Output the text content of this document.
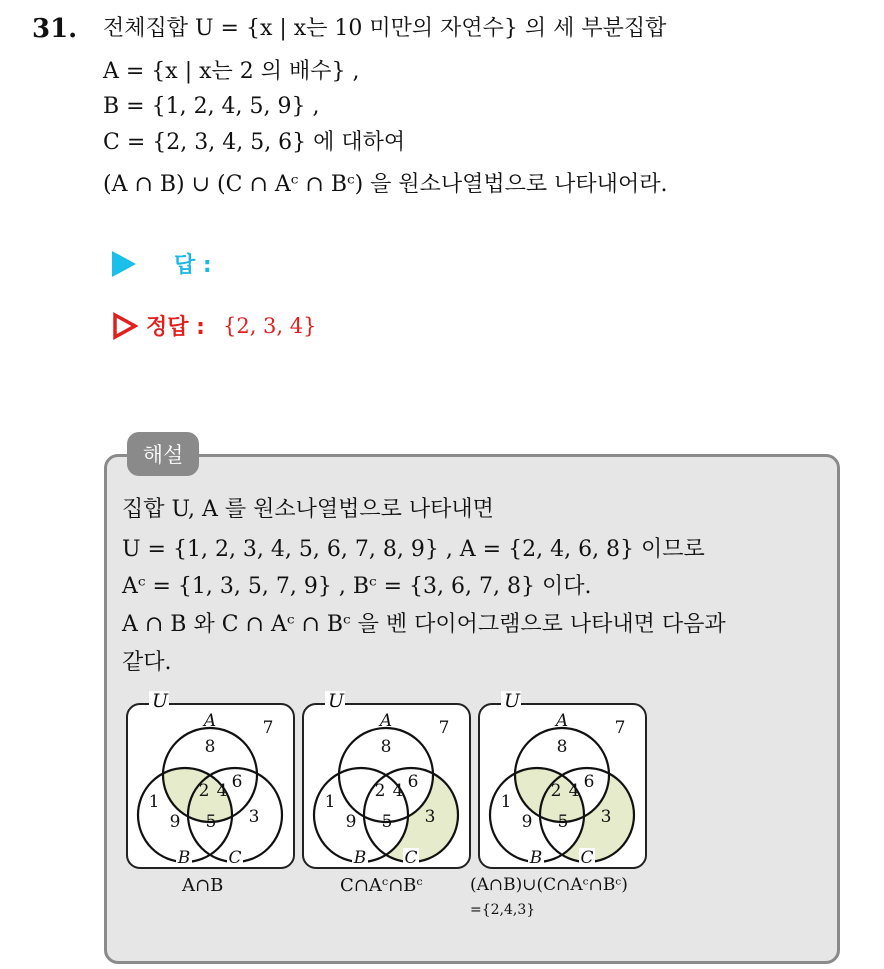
31. 전체집합 U = {x | x는 10 미만의 자연수} 의 세 부분집합
A = {x | x는 2 의 배수} ,
B = {1, 2, 4, 5, 9} ,
C = {2, 3, 4, 5, 6} 에 대하여
(A ∩ B) ∪ (C ∩ Aᶜ ∩ Bᶜ) 을 원소나열법으로 나타내어라.
답 :
정답 : {2, 3, 4}
해설
집합 U, A 를 원소나열법으로 나타내면
U = {1, 2, 3, 4, 5, 6, 7, 8, 9} , A = {2, 4, 6, 8} 이므로
Aᶜ = {1, 3, 5, 7, 9} , Bᶜ = {3, 6, 7, 8} 이다.
A ∩ B 와 C ∩ Aᶜ ∩ Bᶜ 을 벤 다이어그램으로 나타내면 다음과
같다.
U
A
B C
7
8
6
1
9 5 3
2 4
U
A
B C
7
8
6
1
9 5 3
2 4
U
A
B C
7
8
6
1
9 5 3
2 4
A∩B	C∩Aᶜ∩Bᶜ	(A∩B)∪(C∩Aᶜ∩Bᶜ)
={2,4,3}
